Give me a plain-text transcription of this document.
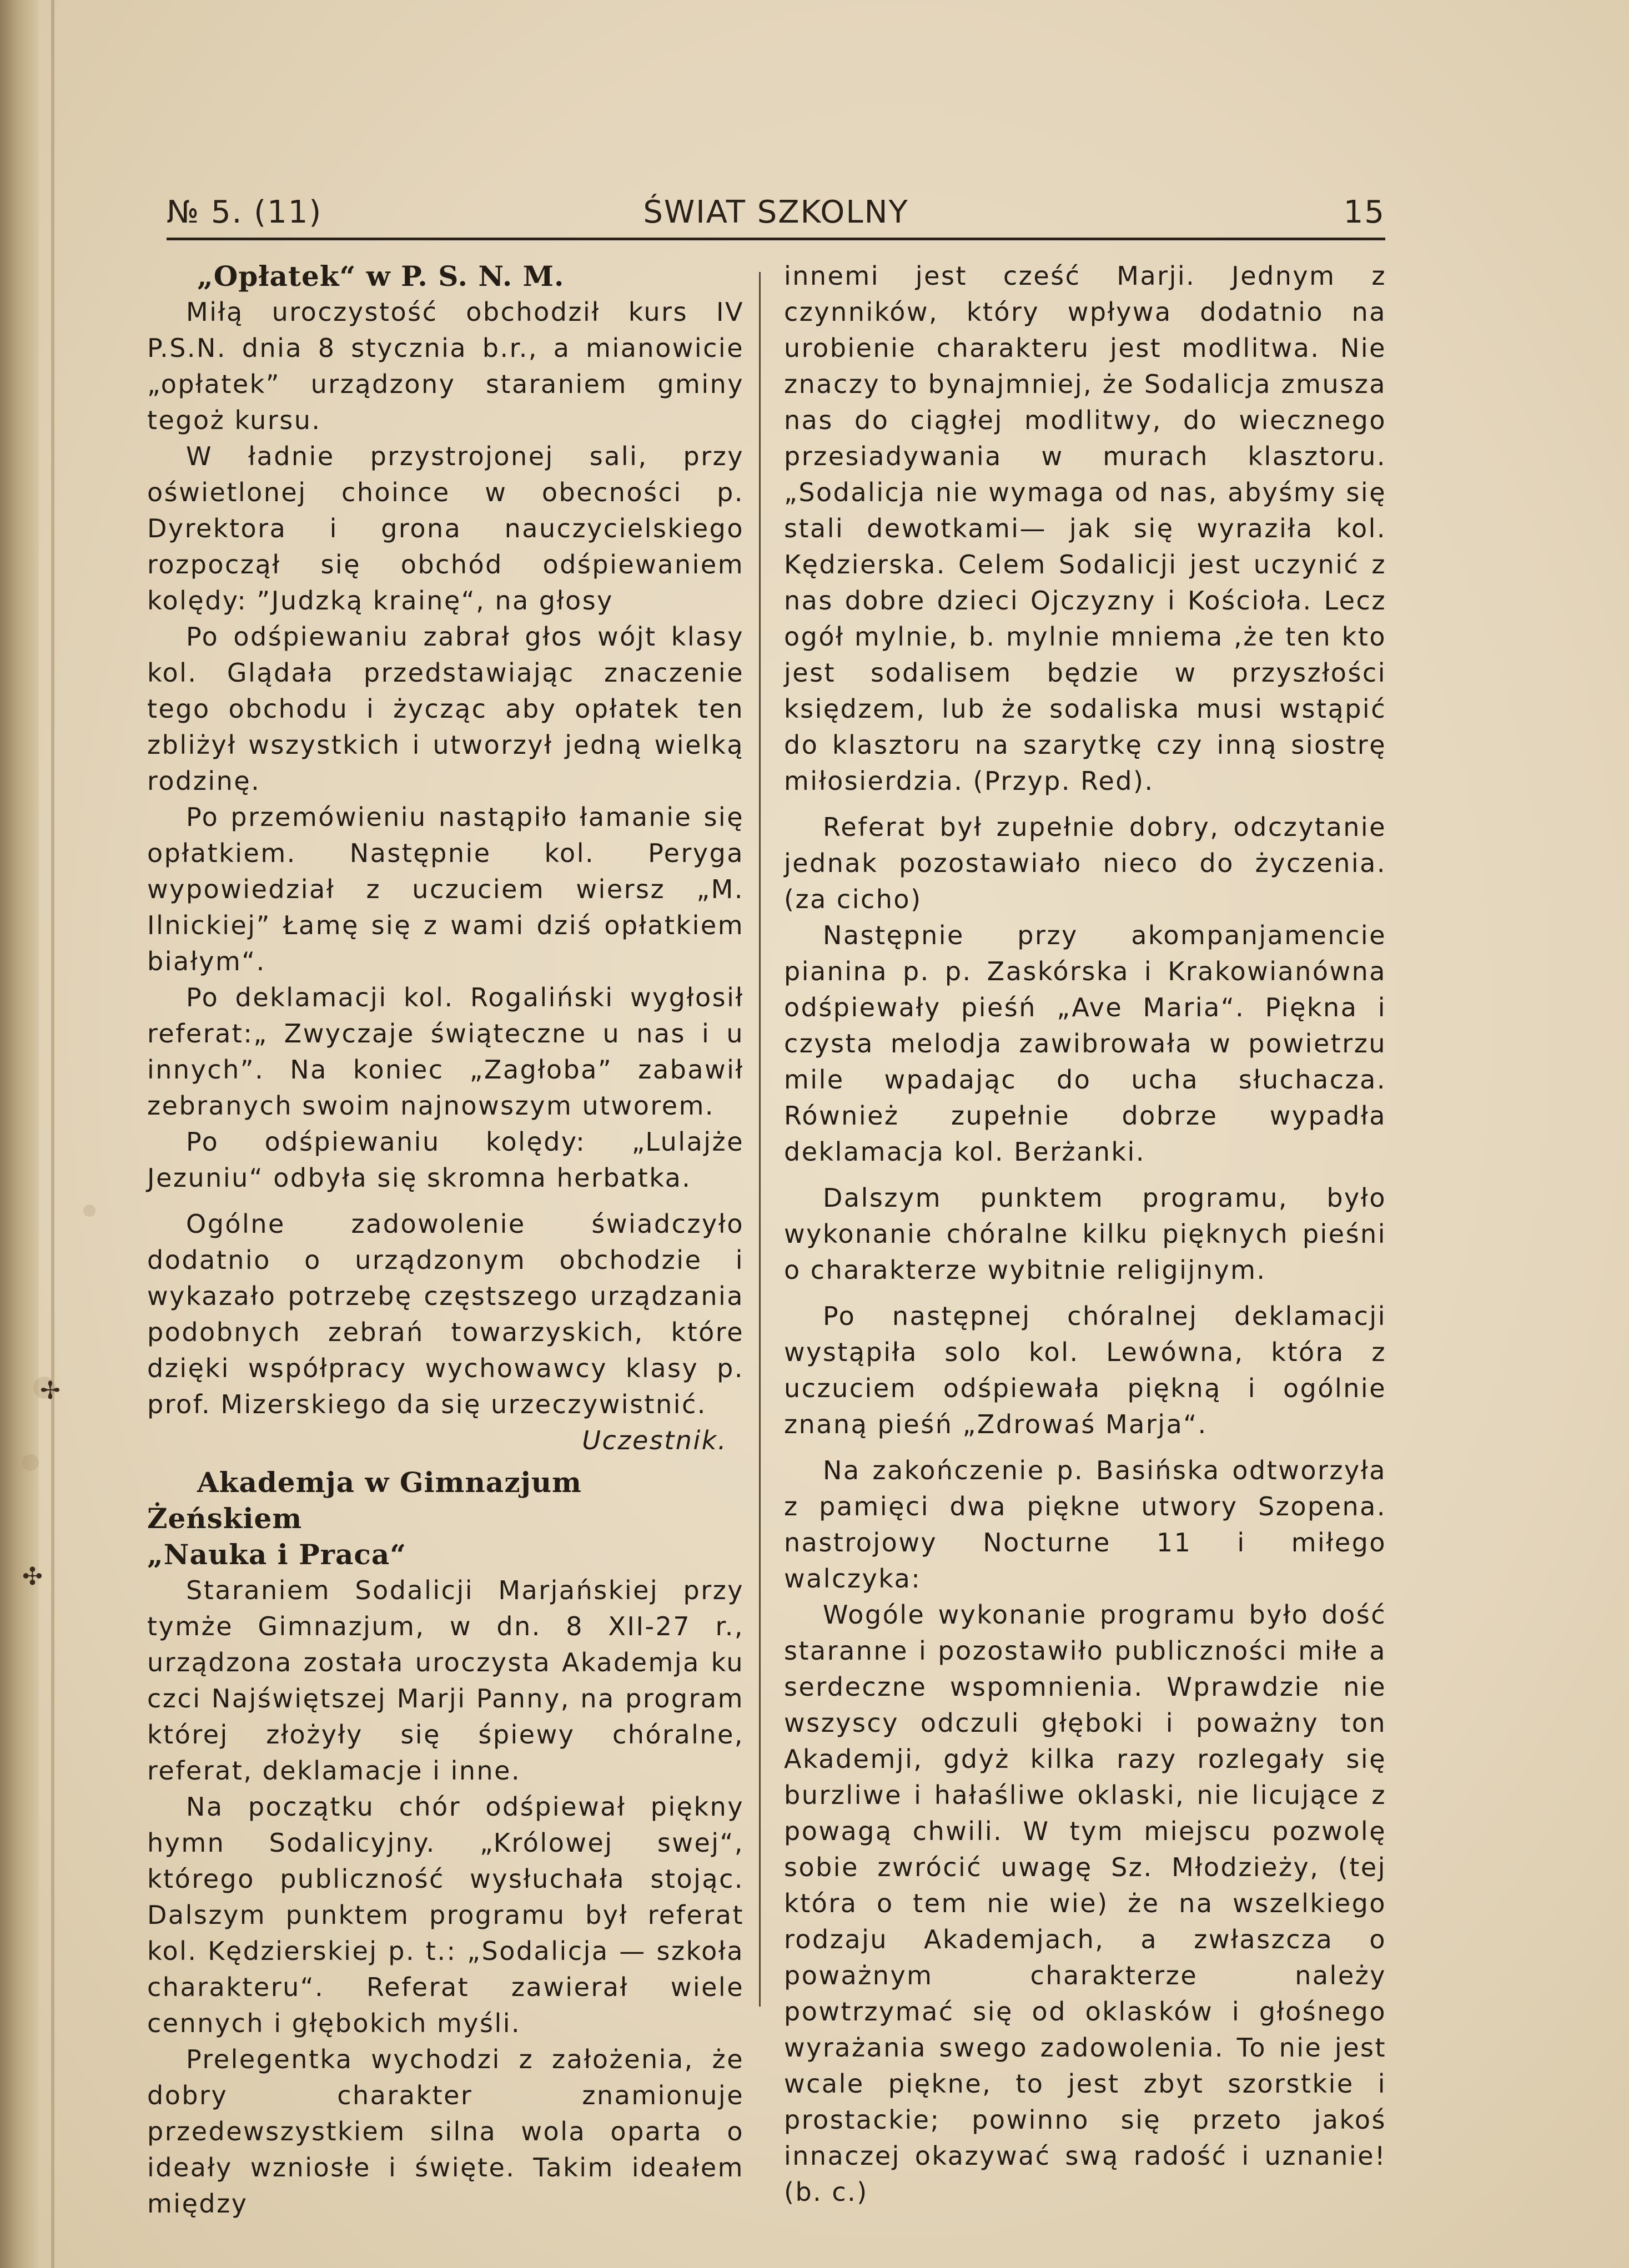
✢
✣
№ 5. (11)	ŚWIAT SZKOLNY	15
„Opłatek“ w P. S. N. M.

Miłą uroczystość obchodził kurs IV P.S.N. dnia 8 stycznia b.r., a mianowicie „opłatek” urządzony staraniem gminy tegoż kursu.

W ładnie przystrojonej sali, przy oświetlonej choince w obecności p. Dyrektora i grona nauczycielskiego rozpoczął się obchód odśpiewaniem kolędy: ”Judzką krainę“, na głosy

Po odśpiewaniu zabrał głos wójt klasy kol. Glądała przedstawiając znaczenie tego obchodu i życząc aby opłatek ten zbliżył wszystkich i utworzył jedną wielką rodzinę.

Po przemówieniu nastąpiło łamanie się opłatkiem. Następnie kol. Peryga wypowiedział z uczuciem wiersz „M. Ilnickiej” Łamę się z wami dziś opłatkiem białym“.

Po deklamacji kol. Rogaliński wygłosił referat:„ Zwyczaje świąteczne u nas i u innych”. Na koniec „Zagłoba” zabawił zebranych swoim najnowszym utworem.

Po odśpiewaniu kolędy: „Lulajże Jezuniu“ odbyła się skromna herbatka.

Ogólne zadowolenie świadczyło dodatnio o urządzonym obchodzie i wykazało potrzebę częstszego urządzania podobnych zebrań towarzyskich, które dzięki współpracy wychowawcy klasy p. prof. Mizerskiego da się urzeczywistnić.

Uczestnik.

Akademja w Gimnazjum Żeńskiem
„Nauka i Praca“

Staraniem Sodalicji Marjańskiej przy tymże Gimnazjum, w dn. 8 XII-27 r., urządzona została uroczysta Akademja ku czci Najświętszej Marji Panny, na program której złożyły się śpiewy chóralne, referat, deklamacje i inne.

Na początku chór odśpiewał piękny hymn Sodalicyjny. „Królowej swej“, którego publiczność wysłuchała stojąc. Dalszym punktem programu był referat kol. Kędzierskiej p. t.: „Sodalicja — szkoła charakteru“. Referat zawierał wiele cennych i głębokich myśli.

Prelegentka wychodzi z założenia, że dobry charakter znamionuje przedewszystkiem silna wola oparta o ideały wzniosłe i święte. Takim ideałem między

innemi jest cześć Marji. Jednym z czynników, który wpływa dodatnio na urobienie charakteru jest modlitwa. Nie znaczy to bynajmniej, że Sodalicja zmusza nas do ciągłej modlitwy, do wiecznego przesiadywania w murach klasztoru. „Sodalicja nie wymaga od nas, abyśmy się stali dewotkami— jak się wyraziła kol. Kędzierska. Celem Sodalicji jest uczynić z nas dobre dzieci Ojczyzny i Kościoła. Lecz ogół mylnie, b. mylnie mniema ,że ten kto jest sodalisem będzie w przyszłości księdzem, lub że sodaliska musi wstąpić do klasztoru na szarytkę czy inną siostrę miłosierdzia. (Przyp. Red).

Referat był zupełnie dobry, odczytanie jednak pozostawiało nieco do życzenia. (za cicho)

Następnie przy akompanjamencie pianina p. p. Zaskórska i Krakowianówna odśpiewały pieśń „Ave Maria“. Piękna i czysta melodja zawibrowała w powietrzu mile wpadając do ucha słuchacza. Również zupełnie dobrze wypadła deklamacja kol. Berżanki.

Dalszym punktem programu, było wykonanie chóralne kilku pięknych pieśni o charakterze wybitnie religijnym.

Po następnej chóralnej deklamacji wystąpiła solo kol. Lewówna, która z uczuciem odśpiewała piękną i ogólnie znaną pieśń „Zdrowaś Marja“.

Na zakończenie p. Basińska odtworzyła z pamięci dwa piękne utwory Szopena. nastrojowy Nocturne 11 i miłego walczyka:

Wogóle wykonanie programu było dość staranne i pozostawiło publiczności miłe a serdeczne wspomnienia. Wprawdzie nie wszyscy odczuli głęboki i poważny ton Akademji, gdyż kilka razy rozlegały się burzliwe i hałaśliwe oklaski, nie licujące z powagą chwili. W tym miejscu pozwolę sobie zwrócić uwagę Sz. Młodzieży, (tej która o tem nie wie) że na wszelkiego rodzaju Akademjach, a zwłaszcza o poważnym charakterze należy powtrzymać się od oklasków i głośnego wyrażania swego zadowolenia. To nie jest wcale piękne, to jest zbyt szorstkie i prostackie; powinno się przeto jakoś innaczej okazywać swą radość i uznanie! (b. c.)
